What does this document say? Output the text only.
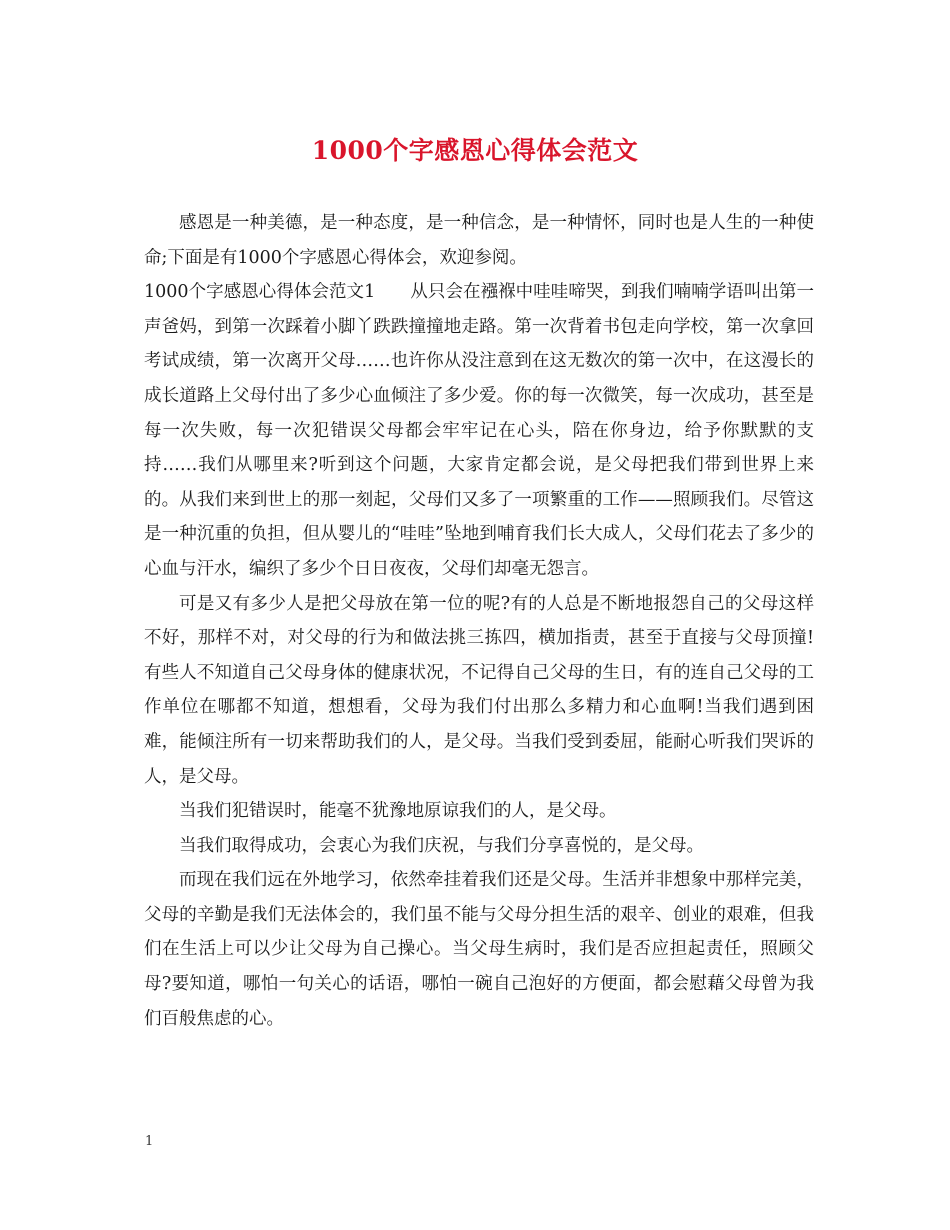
1000个字感恩心得体会范文

感恩是一种美德，是一种态度，是一种信念，是一种情怀，同时也是人生的一种使命;下面是有1000个字感恩心得体会，欢迎参阅。

1000个字感恩心得体会范文1　　从只会在襁褓中哇哇啼哭，到我们喃喃学语叫出第一声爸妈，到第一次踩着小脚丫跌跌撞撞地走路。第一次背着书包走向学校，第一次拿回考试成绩，第一次离开父母……也许你从没注意到在这无数次的第一次中，在这漫长的成长道路上父母付出了多少心血倾注了多少爱。你的每一次微笑，每一次成功，甚至是每一次失败，每一次犯错误父母都会牢牢记在心头，陪在你身边，给予你默默的支持……我们从哪里来?听到这个问题，大家肯定都会说，是父母把我们带到世界上来的。从我们来到世上的那一刻起，父母们又多了一项繁重的工作——照顾我们。尽管这是一种沉重的负担，但从婴儿的“哇哇”坠地到哺育我们长大成人，父母们花去了多少的心血与汗水，编织了多少个日日夜夜，父母们却毫无怨言。

可是又有多少人是把父母放在第一位的呢?有的人总是不断地报怨自己的父母这样不好，那样不对，对父母的行为和做法挑三拣四，横加指责，甚至于直接与父母顶撞!有些人不知道自己父母身体的健康状况，不记得自己父母的生日，有的连自己父母的工作单位在哪都不知道，想想看，父母为我们付出那么多精力和心血啊!当我们遇到困难，能倾注所有一切来帮助我们的人，是父母。当我们受到委屈，能耐心听我们哭诉的人，是父母。

当我们犯错误时，能毫不犹豫地原谅我们的人，是父母。

当我们取得成功，会衷心为我们庆祝，与我们分享喜悦的，是父母。

而现在我们远在外地学习，依然牵挂着我们还是父母。生活并非想象中那样完美，父母的辛勤是我们无法体会的，我们虽不能与父母分担生活的艰辛、创业的艰难，但我们在生活上可以少让父母为自己操心。当父母生病时，我们是否应担起责任，照顾父母?要知道，哪怕一句关心的话语，哪怕一碗自己泡好的方便面，都会慰藉父母曾为我们百般焦虑的心。

1
